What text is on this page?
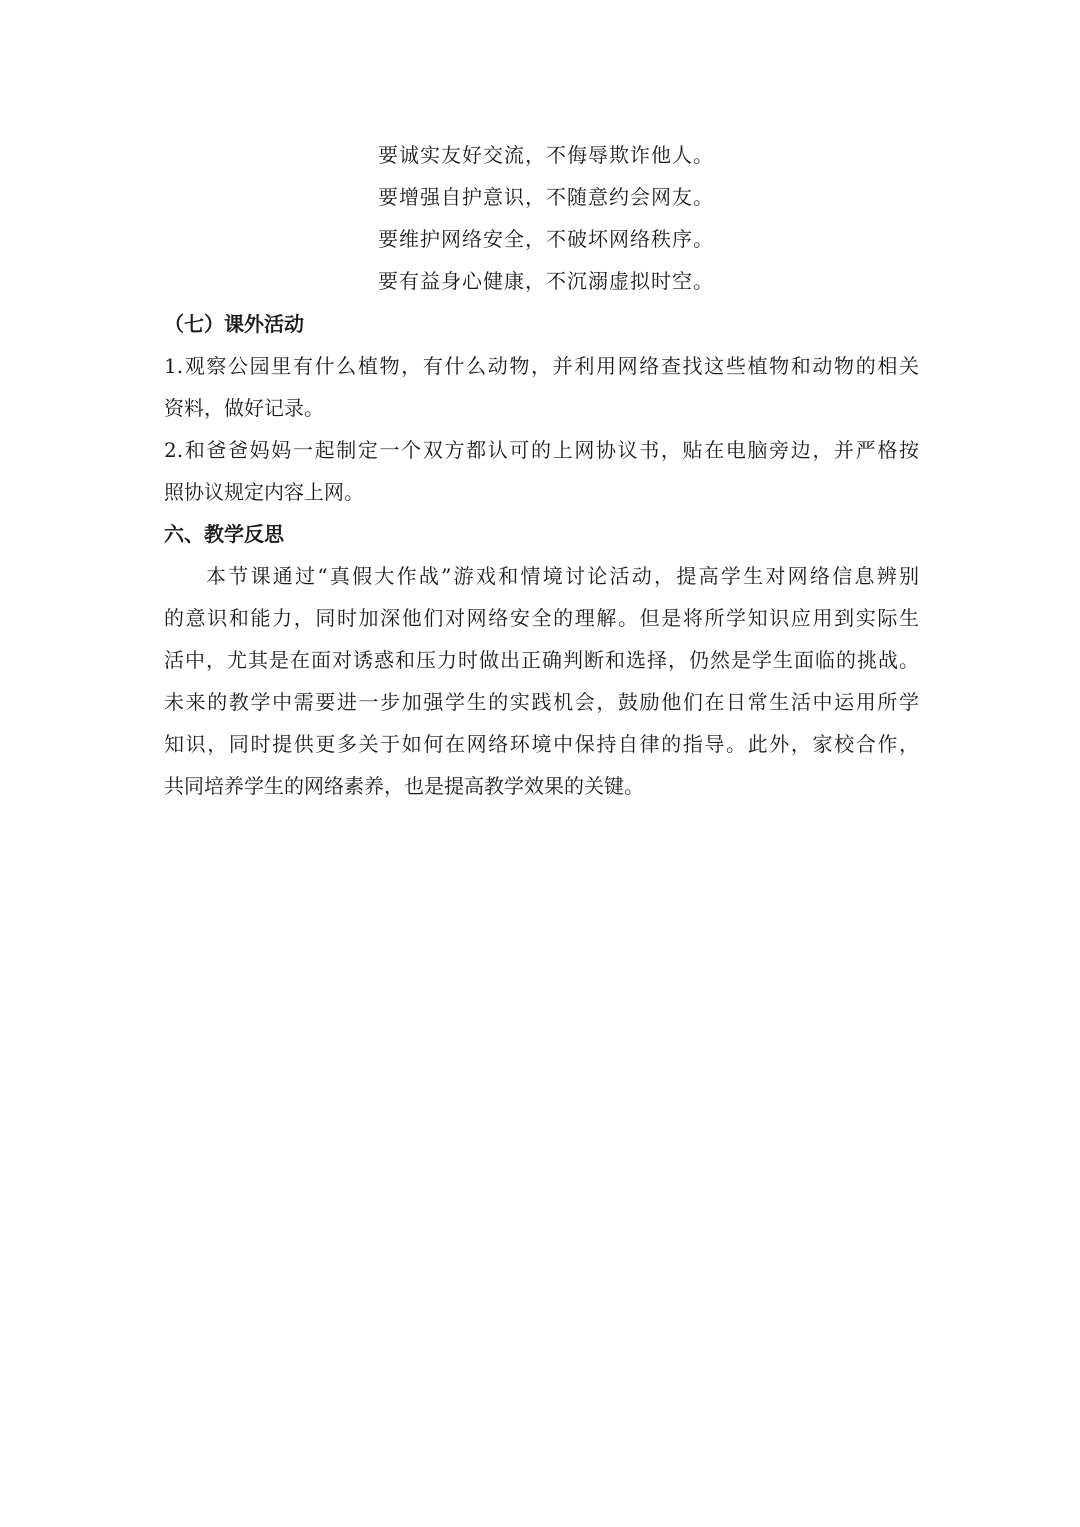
要诚实友好交流，不侮辱欺诈他人。
要增强自护意识，不随意约会网友。
要维护网络安全，不破坏网络秩序。
要有益身心健康，不沉溺虚拟时空。
（七）课外活动
1.观察公园里有什么植物，有什么动物，并利用网络查找这些植物和动物的相关
资料，做好记录。
2.和爸爸妈妈一起制定一个双方都认可的上网协议书，贴在电脑旁边，并严格按
照协议规定内容上网。
六、教学反思
本节课通过“真假大作战”游戏和情境讨论活动，提高学生对网络信息辨别
的意识和能力，同时加深他们对网络安全的理解。但是将所学知识应用到实际生
活中，尤其是在面对诱惑和压力时做出正确判断和选择，仍然是学生面临的挑战。
未来的教学中需要进一步加强学生的实践机会，鼓励他们在日常生活中运用所学
知识，同时提供更多关于如何在网络环境中保持自律的指导。此外，家校合作，
共同培养学生的网络素养，也是提高教学效果的关键。
